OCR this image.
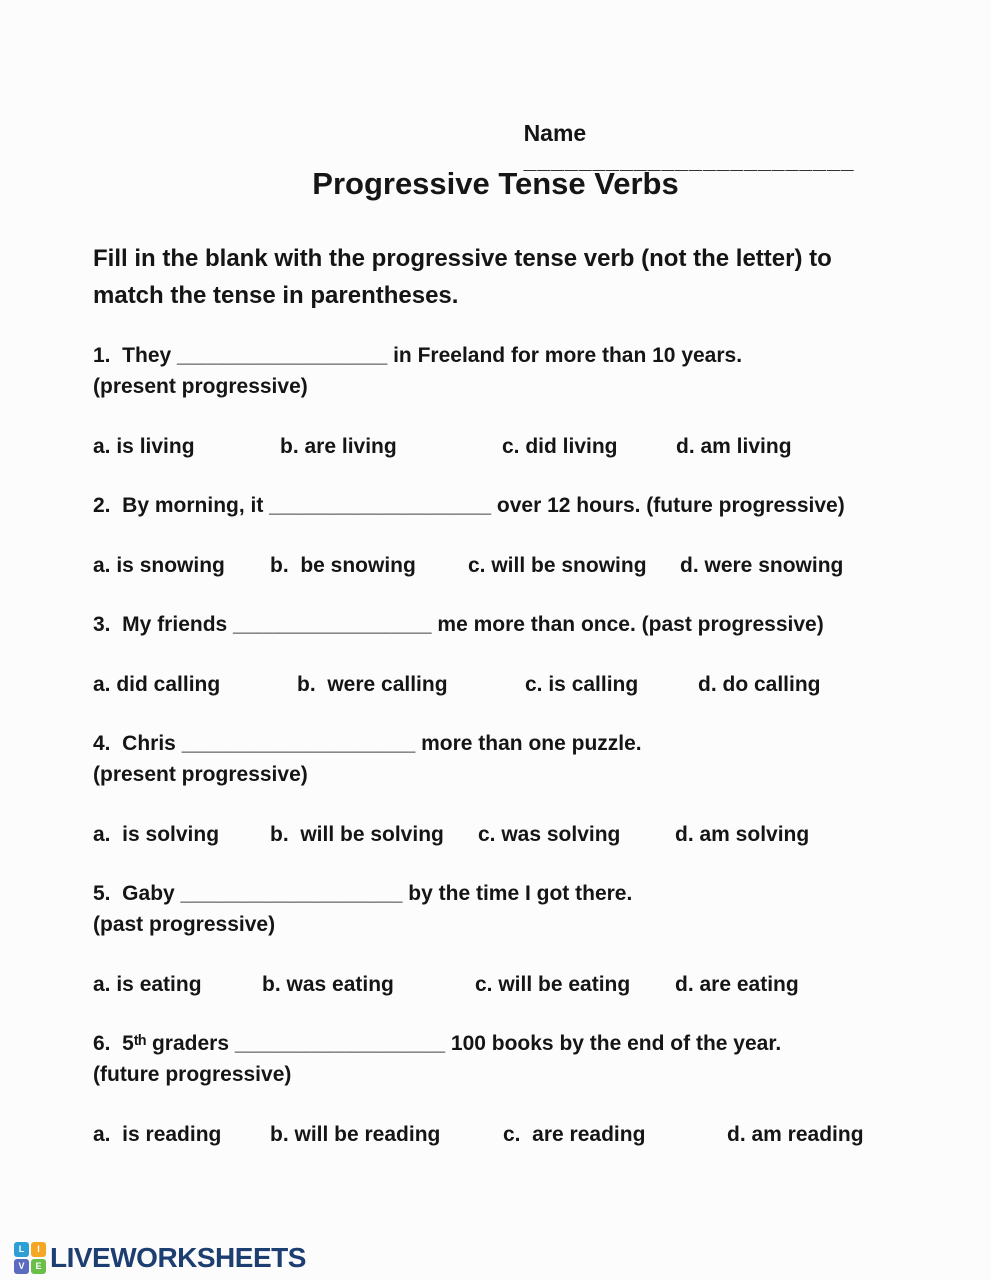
Name
________________________

Progressive Tense Verbs
Fill in the blank with the progressive tense verb (not the letter) to match the tense in parentheses.
1.  They __________________ in Freeland for more than 10 years.
(present progressive)
a. is living	b. are living	c. did living	d. am living
2.  By morning, it ___________________ over 12 hours. (future progressive)
a. is snowing	b.  be snowing	c. will be snowing	d. were snowing
3.  My friends _________________ me more than once. (past progressive)
a. did calling	b.  were calling	c. is calling	d. do calling
4.  Chris ____________________ more than one puzzle.
(present progressive)
a.  is solving	b.  will be solving	c. was solving	d. am solving
5.  Gaby ___________________ by the time I got there.
(past progressive)
a. is eating	b. was eating	c. will be eating	d. are eating
6.  5ᵗʰ graders __________________ 100 books by the end of the year.
(future progressive)
a.  is reading	b. will be reading	c.  are reading	d. am reading
L	I
V	E LIVEWORKSHEETS
